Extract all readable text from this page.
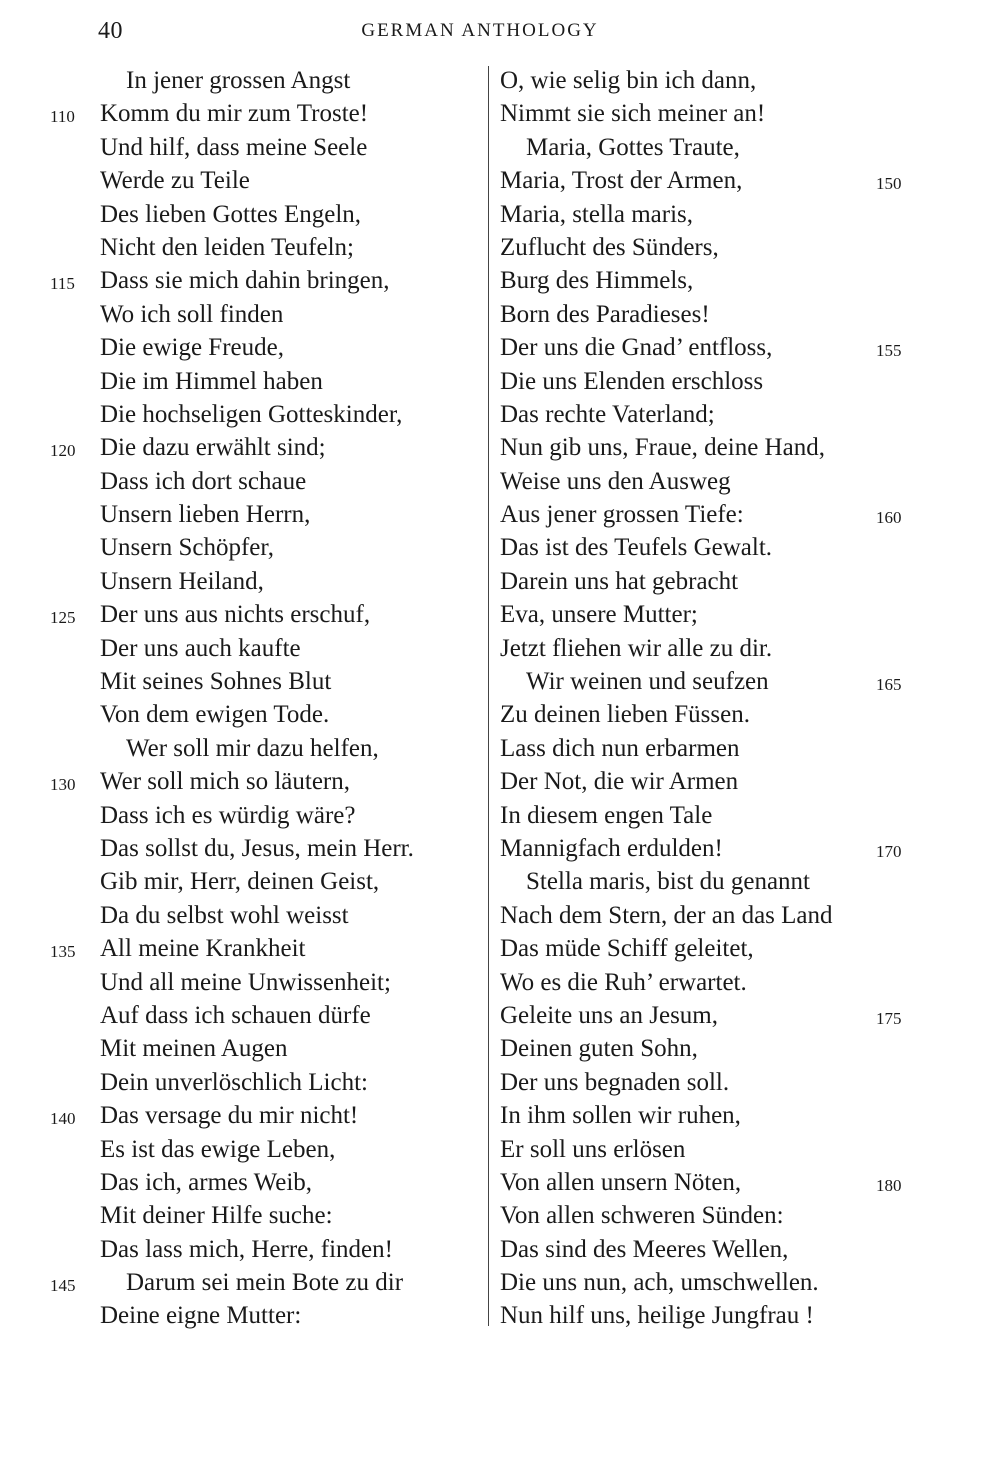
40	GERMAN ANTHOLOGY
In jener grossen Angst
110 Komm du mir zum Troste!
Und hilf, dass meine Seele
Werde zu Teile
Des lieben Gottes Engeln,
Nicht den leiden Teufeln;
115 Dass sie mich dahin bringen,
Wo ich soll finden
Die ewige Freude,
Die im Himmel haben
Die hochseligen Gotteskinder,
120 Die dazu erwählt sind;
Dass ich dort schaue
Unsern lieben Herrn,
Unsern Schöpfer,
Unsern Heiland,
125 Der uns aus nichts erschuf,
Der uns auch kaufte
Mit seines Sohnes Blut
Von dem ewigen Tode.
Wer soll mir dazu helfen,
130 Wer soll mich so läutern,
Dass ich es würdig wäre?
Das sollst du, Jesus, mein Herr.
Gib mir, Herr, deinen Geist,
Da du selbst wohl weisst
135 All meine Krankheit
Und all meine Unwissenheit;
Auf dass ich schauen dürfe
Mit meinen Augen
Dein unverlöschlich Licht:
140 Das versage du mir nicht!
Es ist das ewige Leben,
Das ich, armes Weib,
Mit deiner Hilfe suche:
Das lass mich, Herre, finden!
145 Darum sei mein Bote zu dir
Deine eigne Mutter:
O, wie selig bin ich dann,
Nimmt sie sich meiner an!
Maria, Gottes Traute,
150
Maria, Trost der Armen,
Maria, stella maris,
Zuflucht des Sünders,
Burg des Himmels,
Born des Paradieses!
155
Der uns die Gnad’ entfloss,
Die uns Elenden erschloss
Das rechte Vaterland;
Nun gib uns, Fraue, deine Hand,
Weise uns den Ausweg
160
Aus jener grossen Tiefe:
Das ist des Teufels Gewalt.
Darein uns hat gebracht
Eva, unsere Mutter;
Jetzt fliehen wir alle zu dir.
165
Wir weinen und seufzen
Zu deinen lieben Füssen.
Lass dich nun erbarmen
Der Not, die wir Armen
In diesem engen Tale
170
Mannigfach erdulden!
Stella maris, bist du genannt
Nach dem Stern, der an das Land
Das müde Schiff geleitet,
Wo es die Ruh’ erwartet.
175
Geleite uns an Jesum,
Deinen guten Sohn,
Der uns begnaden soll.
In ihm sollen wir ruhen,
Er soll uns erlösen
180
Von allen unsern Nöten,
Von allen schweren Sünden:
Das sind des Meeres Wellen,
Die uns nun, ach, umschwellen.
Nun hilf uns, heilige Jungfrau !
